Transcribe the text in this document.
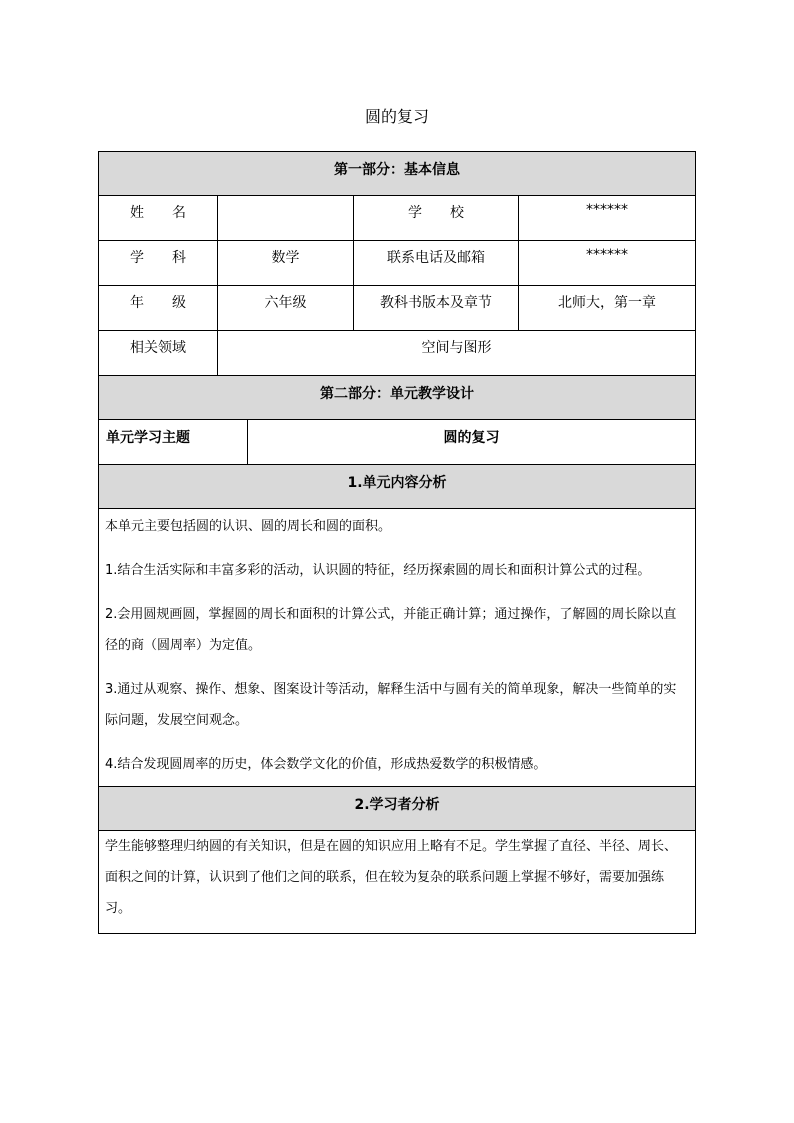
圆的复习
第一部分：基本信息			
姓　　名		学　　校	******
学　　科	数学	联系电话及邮箱	******
年　　级	六年级	教科书版本及章节	北师大，第一章
相关领域	空间与图形		
第二部分：单元教学设计			
单元学习主题	圆的复习
1.单元内容分析

本单元主要包括圆的认识、圆的周长和圆的面积。

1.结合生活实际和丰富多彩的活动，认识圆的特征，经历探索圆的周长和面积计算公式的过程。

2.会用圆规画圆，掌握圆的周长和面积的计算公式，并能正确计算；通过操作，了解圆的周长除以直径的商（圆周率）为定值。

3.通过从观察、操作、想象、图案设计等活动，解释生活中与圆有关的简单现象，解决一些简单的实际问题，发展空间观念。

4.结合发现圆周率的历史，体会数学文化的价值，形成热爱数学的积极情感。

2.学习者分析
学生能够整理归纳圆的有关知识，但是在圆的知识应用上略有不足。学生掌握了直径、半径、周长、面积之间的计算，认识到了他们之间的联系，但在较为复杂的联系问题上掌握不够好，需要加强练习。
